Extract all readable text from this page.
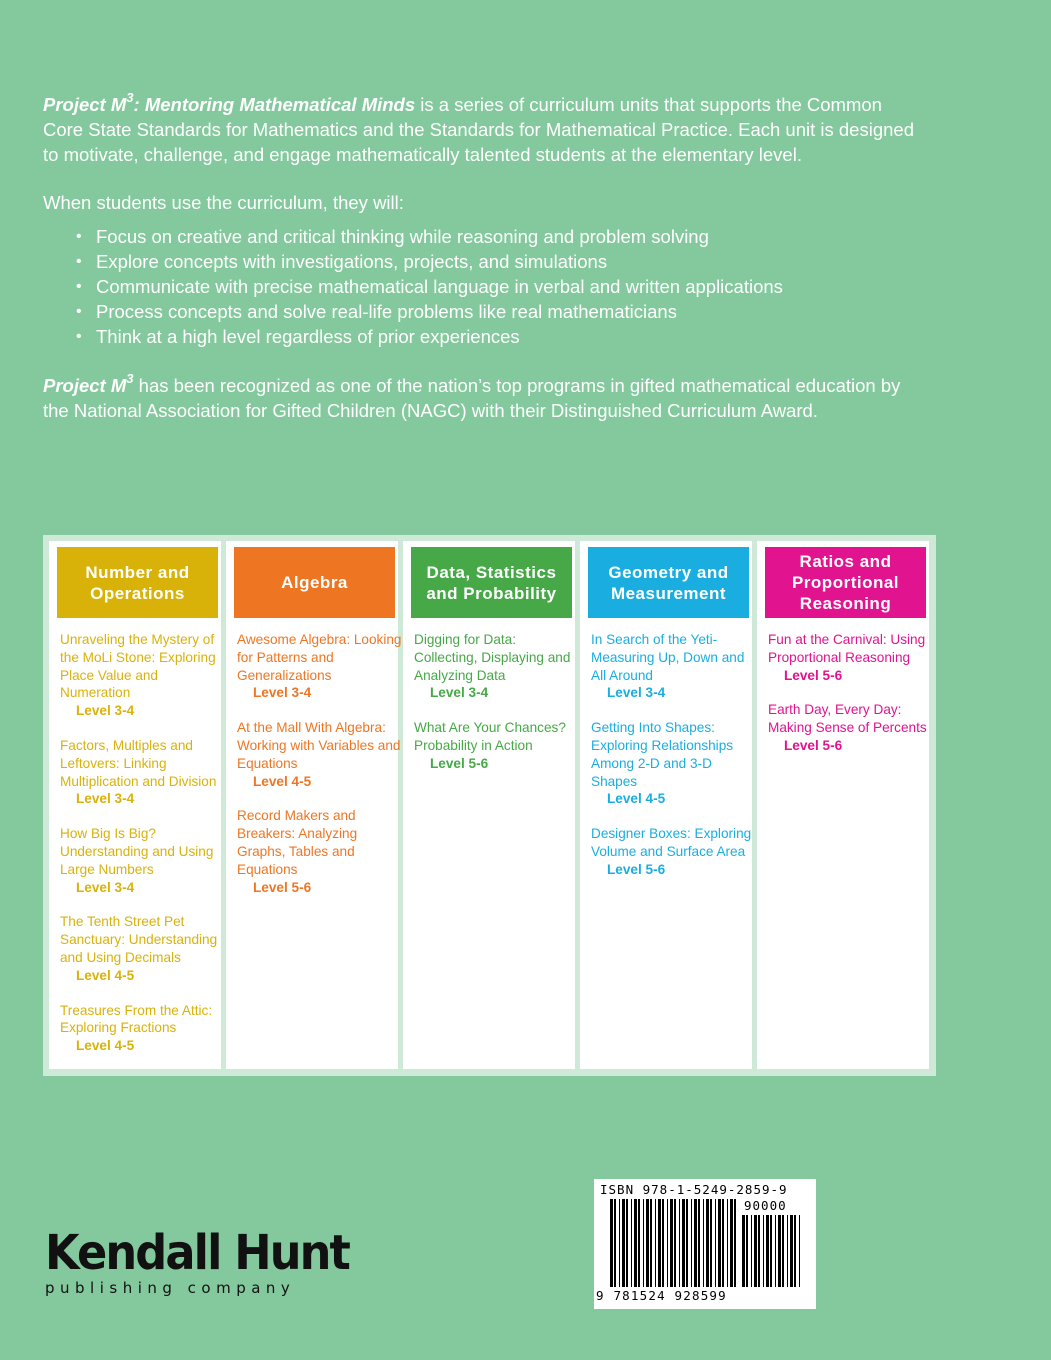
Project $M^3$: Mentoring Mathematical Minds is a series of curriculum units that supports the Common Core State Standards for Mathematics and the Standards for Mathematical Practice. Each unit is designed to motivate, challenge, and engage mathematically talented students at the elementary level.

When students use the curriculum, they will:

• Focus on creative and critical thinking while reasoning and problem solving
• Explore concepts with investigations, projects, and simulations
• Communicate with precise mathematical language in verbal and written applications
• Process concepts and solve real-life problems like real mathematicians
• Think at a high level regardless of prior experiences

Project $M^3$ has been recognized as one of the nation’s top programs in gifted mathematical education by the National Association for Gifted Children (NAGC) with their Distinguished Curriculum Award.

Number and Operations
Unraveling the Mystery of the MoLi Stone: Exploring Place Value and Numeration
Level 3-4
Factors, Multiples and Leftovers: Linking Multiplication and Division
Level 3-4
How Big Is Big? Understanding and Using Large Numbers
Level 3-4
The Tenth Street Pet Sanctuary: Understanding and Using Decimals
Level 4-5
Treasures From the Attic: Exploring Fractions
Level 4-5
Algebra
Awesome Algebra: Looking for Patterns and Generalizations
Level 3-4
At the Mall With Algebra: Working with Variables and Equations
Level 4-5
Record Makers and Breakers: Analyzing Graphs, Tables and Equations
Level 5-6
Data, Statistics and Probability
Digging for Data: Collecting, Displaying and Analyzing Data
Level 3-4
What Are Your Chances? Probability in Action
Level 5-6
Geometry and Measurement
In Search of the Yeti-Measuring Up, Down and All Around
Level 3-4
Getting Into Shapes: Exploring Relationships Among 2-D and 3-D Shapes
Level 4-5
Designer Boxes: Exploring Volume and Surface Area
Level 5-6
Ratios and Proportional Reasoning
Fun at the Carnival: Using Proportional Reasoning
Level 5-6
Earth Day, Every Day: Making Sense of Percents
Level 5-6
ISBN 978-1-5249-2859-9
90000
9 781524 928599
Kendall Hunt
publishing company
